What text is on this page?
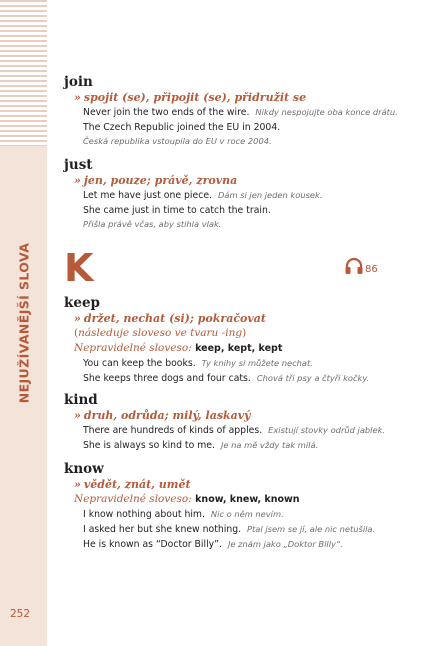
NEJUŽÍVANĚJŠÍ SLOVA
252
join
» spojit (se), připojit (se), přidružit se
Never join the two ends of the wire. Nikdy nespojujte oba konce drátu.
The Czech Republic joined the EU in 2004.
Česká republika vstoupila do EU v roce 2004.
just
» jen, pouze; právě, zrovna
Let me have just one piece. Dám si jen jeden kousek.
She came just in time to catch the train.
Přišla právě včas, aby stihla vlak.
K	86
keep
» držet, nechat (si); pokračovat
(následuje sloveso ve tvaru -ing)
Nepravidelné sloveso: keep, kept, kept
You can keep the books. Ty knihy si můžete nechat.
She keeps three dogs and four cats. Chová tři psy a čtyři kočky.
kind
» druh, odrůda; milý, laskavý
There are hundreds of kinds of apples. Existují stovky odrůd jablek.
She is always so kind to me. Je na mě vždy tak milá.
know
» vědět, znát, umět
Nepravidelné sloveso: know, knew, known
I know nothing about him. Nic o něm nevím.
I asked her but she knew nothing. Ptal jsem se jí, ale nic netušila.
He is known as “Doctor Billy”. Je znám jako „Doktor Billy“.
